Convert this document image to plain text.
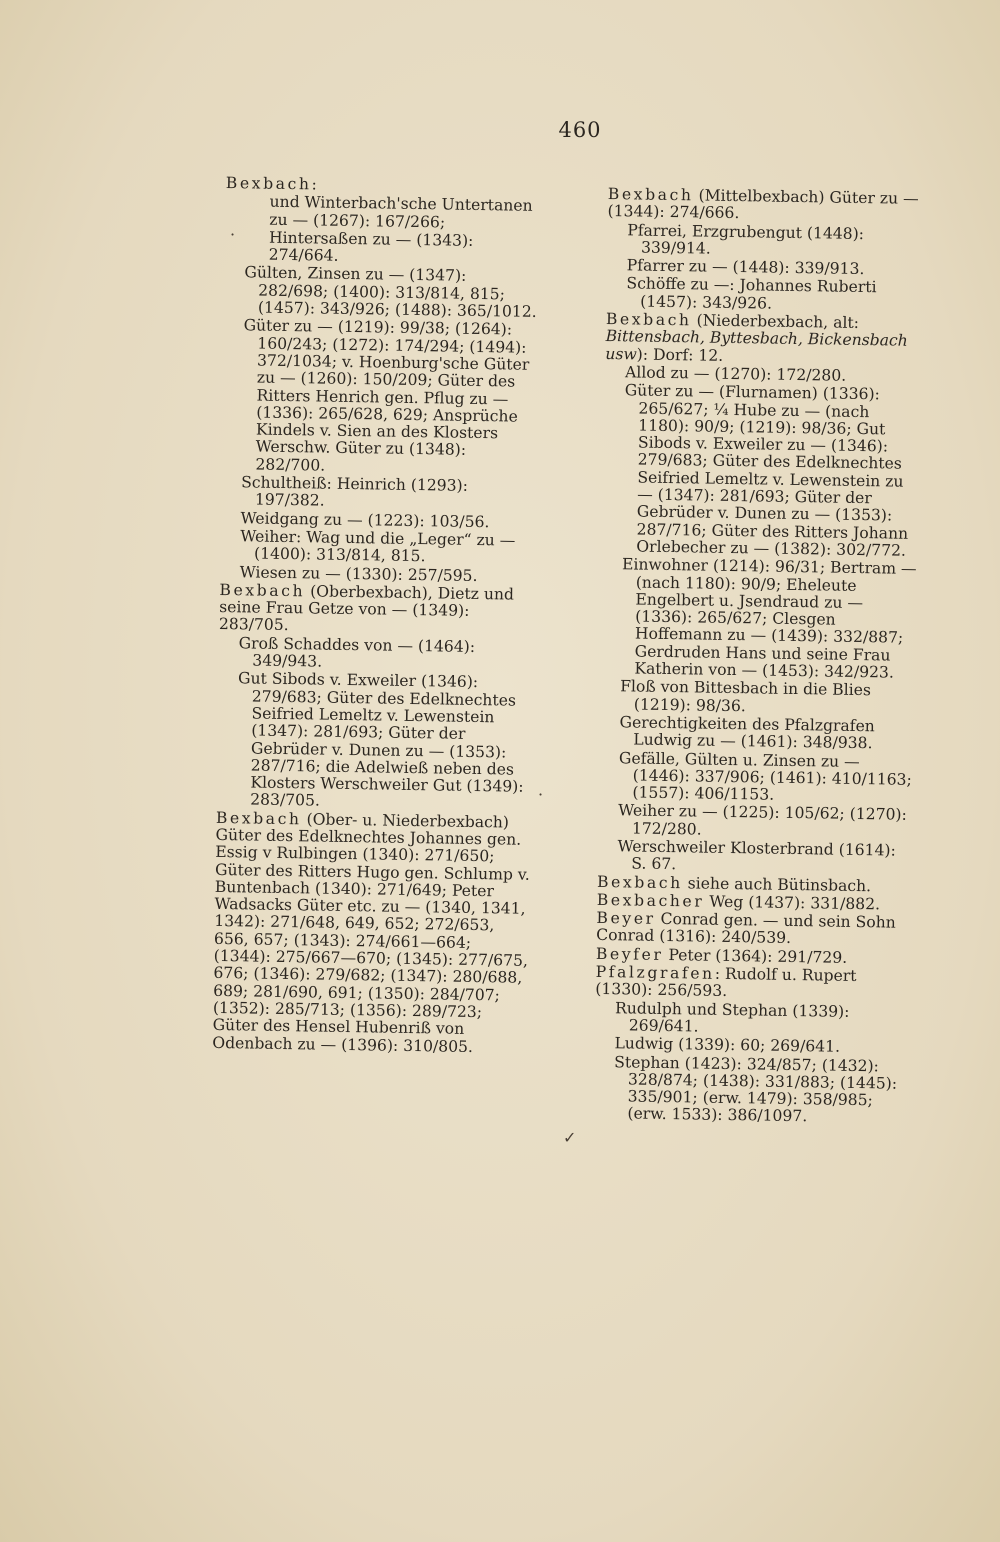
460
Bexbach:
und Winterbach'sche Untertanen zu — (1267): 167/266;
Hintersaßen zu — (1343): 274/664.
Gülten, Zinsen zu — (1347): 282/698; (1400): 313/814, 815; (1457): 343/926; (1488): 365/1012.
Güter zu — (1219): 99/38; (1264): 160/243; (1272): 174/294; (1494): 372/1034; v. Hoenburg'sche Güter zu — (1260): 150/209; Güter des Ritters Henrich gen. Pflug zu — (1336): 265/628, 629; Ansprüche Kindels v. Sien an des Klosters Werschw. Güter zu (1348): 282/700.
Schultheiß: Heinrich (1293): 197/382.
Weidgang zu — (1223): 103/56.
Weiher: Wag und die „Leger“ zu — (1400): 313/814, 815.
Wiesen zu — (1330): 257/595.
Bexbach (Oberbexbach), Dietz und seine Frau Getze von — (1349): 283/705.
Groß Schaddes von — (1464): 349/943.
Gut Sibods v. Exweiler (1346): 279/683; Güter des Edelknechtes Seifried Lemeltz v. Lewenstein (1347): 281/693; Güter der Gebrüder v. Dunen zu — (1353): 287/716; die Adelwieß neben des Klosters Werschweiler Gut (1349): 283/705.
Bexbach (Ober- u. Niederbexbach) Güter des Edelknechtes Johannes gen. Essig v Rulbingen (1340): 271/650; Güter des Ritters Hugo gen. Schlump v. Buntenbach (1340): 271/649; Peter Wadsacks Güter etc. zu — (1340, 1341, 1342): 271/648, 649, 652; 272/653, 656, 657; (1343): 274/661—664; (1344): 275/667—670; (1345): 277/675, 676; (1346): 279/682; (1347): 280/688, 689; 281/690, 691; (1350): 284/707; (1352): 285/713; (1356): 289/723; Güter des Hensel Hubenriß von Odenbach zu — (1396): 310/805.
Bexbach (Mittelbexbach) Güter zu — (1344): 274/666.
Pfarrei, Erzgrubengut (1448): 339/914.
Pfarrer zu — (1448): 339/913.
Schöffe zu —: Johannes Ruberti (1457): 343/926.
Bexbach (Niederbexbach, alt: Bittensbach, Byttesbach, Bickensbach usw): Dorf: 12.
Allod zu — (1270): 172/280.
Güter zu — (Flurnamen) (1336): 265/627; ¼ Hube zu — (nach 1180): 90/9; (1219): 98/36; Gut Sibods v. Exweiler zu — (1346): 279/683; Güter des Edelknechtes Seifried Lemeltz v. Lewenstein zu — (1347): 281/693; Güter der Gebrüder v. Dunen zu — (1353): 287/716; Güter des Ritters Johann Orlebecher zu — (1382): 302/772.
Einwohner (1214): 96/31; Bertram — (nach 1180): 90/9; Eheleute Engelbert u. Jsendraud zu — (1336): 265/627; Clesgen Hoffemann zu — (1439): 332/887; Gerdruden Hans und seine Frau Katherin von — (1453): 342/923.
Floß von Bittesbach in die Blies (1219): 98/36.
Gerechtigkeiten des Pfalzgrafen Ludwig zu — (1461): 348/938.
Gefälle, Gülten u. Zinsen zu — (1446): 337/906; (1461): 410/1163; (1557): 406/1153.
Weiher zu — (1225): 105/62; (1270): 172/280.
Werschweiler Klosterbrand (1614): S. 67.
Bexbach siehe auch Bütinsbach.
Bexbacher Weg (1437): 331/882.
Beyer Conrad gen. — und sein Sohn Conrad (1316): 240/539.
Beyfer Peter (1364): 291/729.
Pfalzgrafen: Rudolf u. Rupert (1330): 256/593.
Rudulph und Stephan (1339): 269/641.
Ludwig (1339): 60; 269/641.
Stephan (1423): 324/857; (1432): 328/874; (1438): 331/883; (1445): 335/901; (erw. 1479): 358/985; (erw. 1533): 386/1097.
·
✓
·
